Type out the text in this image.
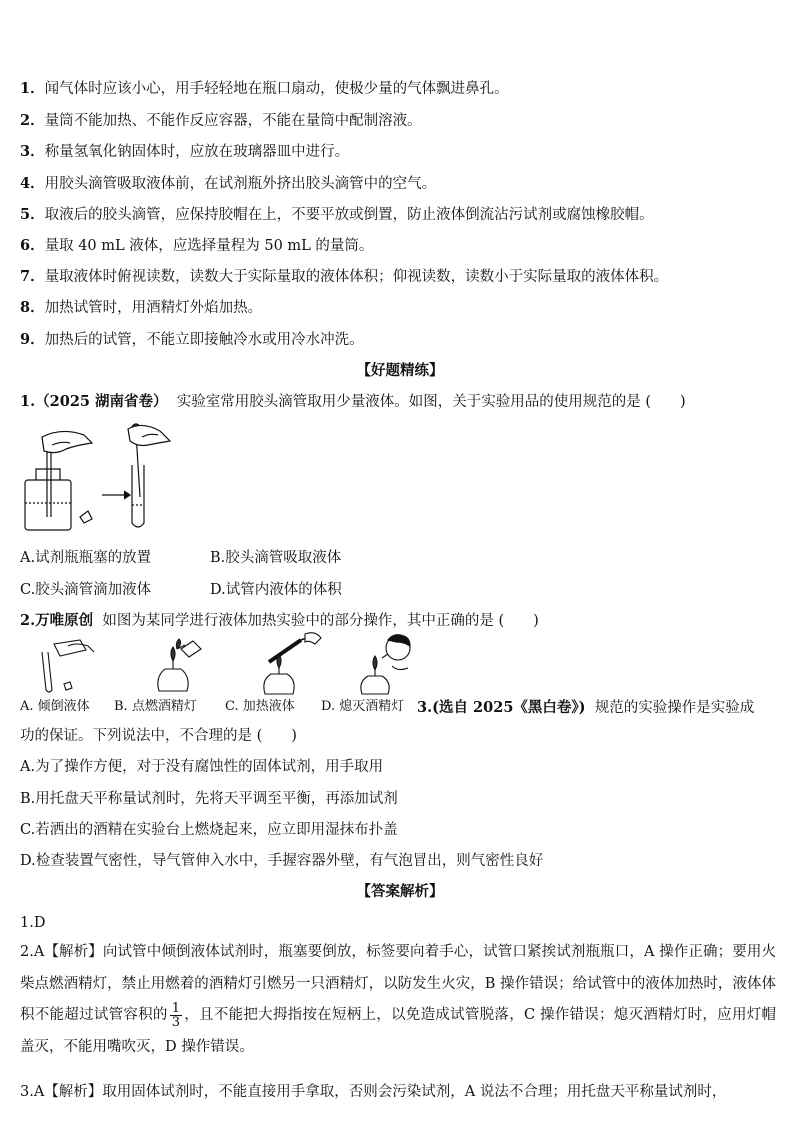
1．闻气体时应该小心，用手轻轻地在瓶口扇动，使极少量的气体飘进鼻孔。
2．量筒不能加热、不能作反应容器，不能在量筒中配制溶液。
3．称量氢氧化钠固体时，应放在玻璃器皿中进行。
4．用胶头滴管吸取液体前，在试剂瓶外挤出胶头滴管中的空气。
5．取液后的胶头滴管，应保持胶帽在上，不要平放或倒置，防止液体倒流沾污试剂或腐蚀橡胶帽。
6．量取 40 mL 液体，应选择量程为 50 mL 的量筒。
7．量取液体时俯视读数，读数大于实际量取的液体体积；仰视读数，读数小于实际量取的液体体积。
8．加热试管时，用酒精灯外焰加热。
9．加热后的试管，不能立即接触冷水或用冷水冲洗。
【好题精练】
1.（2025 湖南省卷） 实验室常用胶头滴管取用少量液体。如图，关于实验用品的使用规范的是 (　　)
A.试剂瓶瓶塞的放置	B.胶头滴管吸取液体
C.胶头滴管滴加液体	D.试管内液体的体积
2.万唯原创 如图为某同学进行液体加热实验中的部分操作，其中正确的是 (　　)
A. 倾倒液体 B. 点燃酒精灯 C. 加热液体 D. 熄灭酒精灯 3.(选自 2025《黑白卷》) 规范的实验操作是实验成
功的保证。下列说法中，不合理的是 (　　)
A.为了操作方便，对于没有腐蚀性的固体试剂，用手取用
B.用托盘天平称量试剂时，先将天平调至平衡，再添加试剂
C.若洒出的酒精在实验台上燃烧起来，应立即用湿抹布扑盖
D.检查装置气密性，导气管伸入水中，手握容器外壁，有气泡冒出，则气密性良好
【答案解析】
1.D
2.A【解析】向试管中倾倒液体试剂时，瓶塞要倒放，标签要向着手心，试管口紧挨试剂瓶瓶口，A 操作正确；要用火柴点燃酒精灯，禁止用燃着的酒精灯引燃另一只酒精灯，以防发生火灾，B 操作错误；给试管中的液体加热时，液体体积不能超过试管容积的 $\frac{1}{3}$ ，且不能把大拇指按在短柄上，以免造成试管脱落，C 操作错误；熄灭酒精灯时，应用灯帽盖灭，不能用嘴吹灭，D 操作错误。
3.A【解析】取用固体试剂时，不能直接用手拿取，否则会污染试剂，A 说法不合理；用托盘天平称量试剂时，
